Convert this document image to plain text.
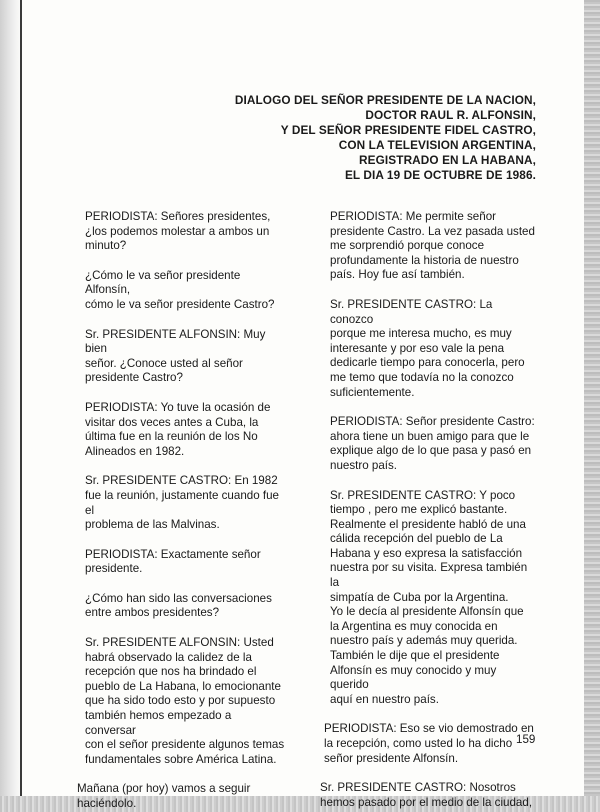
DIALOGO DEL SEÑOR PRESIDENTE DE LA NACION,
DOCTOR RAUL R. ALFONSIN,
Y DEL SEÑOR PRESIDENTE FIDEL CASTRO,
CON LA TELEVISION ARGENTINA,
REGISTRADO EN LA HABANA,
EL DIA 19 DE OCTUBRE DE 1986.

PERIODISTA: Señores presidentes,
¿los podemos molestar a ambos un
minuto?

¿Cómo le va señor presidente Alfonsín,
cómo le va señor presidente Castro?

Sr. PRESIDENTE ALFONSIN: Muy bien
señor. ¿Conoce usted al señor
presidente Castro?

PERIODISTA: Yo tuve la ocasión de
visitar dos veces antes a Cuba, la
última fue en la reunión de los No
Alineados en 1982.

Sr. PRESIDENTE CASTRO: En 1982
fue la reunión, justamente cuando fue el
problema de las Malvinas.

PERIODISTA: Exactamente señor
presidente.

¿Cómo han sido las conversaciones
entre ambos presidentes?

Sr. PRESIDENTE ALFONSIN: Usted
habrá observado la calidez de la
recepción que nos ha brindado el
pueblo de La Habana, lo emocionante
que ha sido todo esto y por supuesto
también hemos empezado a conversar
con el señor presidente algunos temas
fundamentales sobre América Latina.

Mañana (por hoy) vamos a seguir
haciéndolo.

PERIODISTA: Me permite señor
presidente Castro. La vez pasada usted
me sorprendió porque conoce
profundamente la historia de nuestro
país. Hoy fue así también.

Sr. PRESIDENTE CASTRO: La conozco
porque me interesa mucho, es muy
interesante y por eso vale la pena
dedicarle tiempo para conocerla, pero
me temo que todavía no la conozco
suficientemente.

PERIODISTA: Señor presidente Castro:
ahora tiene un buen amigo para que le
explique algo de lo que pasa y pasó en
nuestro país.

Sr. PRESIDENTE CASTRO: Y poco
tiempo , pero me explicó bastante.
Realmente el presidente habló de una
cálida recepción del pueblo de La
Habana y eso expresa la satisfacción
nuestra por su visita. Expresa también la
simpatía de Cuba por la Argentina.
Yo le decía al presidente Alfonsín que
la Argentina es muy conocida en
nuestro país y además muy querida.
También le dije que el presidente
Alfonsín es muy conocido y muy querido
aquí en nuestro país.

PERIODISTA: Eso se vio demostrado en
la recepción, como usted lo ha dicho
señor presidente Alfonsín.

Sr. PRESIDENTE CASTRO: Nosotros
hemos pasado por el medio de la ciudad,

159
